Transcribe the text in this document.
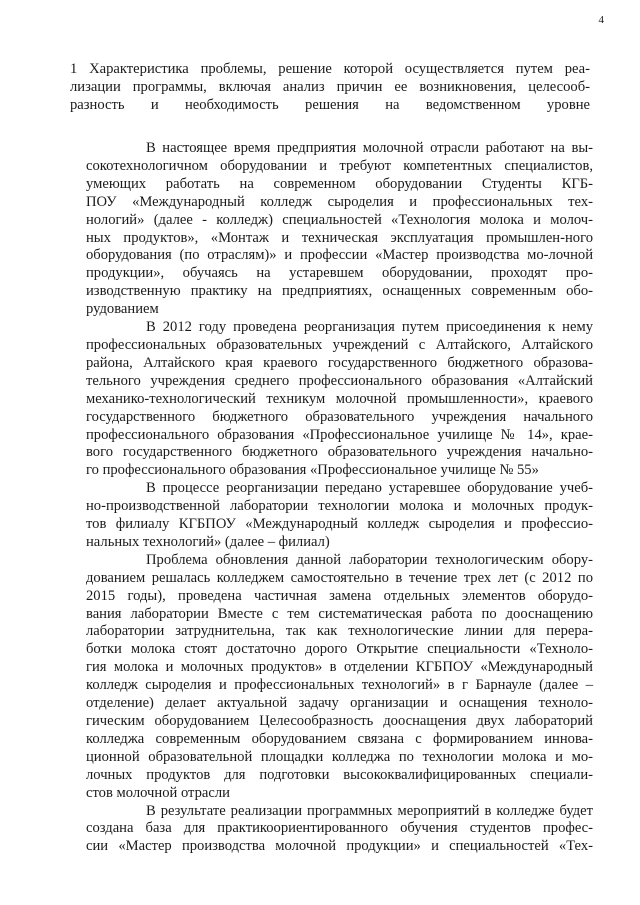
4
1 Характеристика проблемы, решение которой осуществляется путем реа-
лизации программы, включая анализ причин ее возникновения, целесооб-
разность и необходимость решения на ведомственном уровне
В настоящее время предприятия молочной отрасли работают на вы-
сокотехнологичном оборудовании и требуют компетентных специалистов,
умеющих работать на современном оборудовании Студенты КГБ-
ПОУ «Международный колледж сыроделия и профессиональных тех-
нологий» (далее - колледж) специальностей «Технология молока и молоч-
ных продуктов», «Монтаж и техническая эксплуатация промышлен-ного
оборудования (по отраслям)» и профессии «Мастер производства мо-лочной
продукции», обучаясь на устаревшем оборудовании, проходят про-
изводственную практику на предприятиях, оснащенных современным обо-
рудованием
В 2012 году проведена реорганизация путем присоединения к нему
профессиональных образовательных учреждений с Алтайского, Алтайского
района, Алтайского края краевого государственного бюджетного образова-
тельного учреждения среднего профессионального образования «Алтайский
механико-технологический техникум молочной промышленности», краевого
государственного бюджетного образовательного учреждения начального
профессионального образования «Профессиональное училище № 14», крае-
вого государственного бюджетного образовательного учреждения начально-
го профессионального образования «Профессиональное училище № 55»
В процессе реорганизации передано устаревшее оборудование учеб-
но-производственной лаборатории технологии молока и молочных продук-
тов филиалу КГБПОУ «Международный колледж сыроделия и профессио-
нальных технологий» (далее – филиал)
Проблема обновления данной лаборатории технологическим обору-
дованием решалась колледжем самостоятельно в течение трех лет (с 2012 по
2015 годы), проведена частичная замена отдельных элементов оборудо-
вания лаборатории Вместе с тем систематическая работа по дооснащению
лаборатории затруднительна, так как технологические линии для перера-
ботки молока стоят достаточно дорого Открытие специальности «Техноло-
гия молока и молочных продуктов» в отделении КГБПОУ «Международный
колледж сыроделия и профессиональных технологий» в г Барнауле (далее –
отделение) делает актуальной задачу организации и оснащения техноло-
гическим оборудованием Целесообразность дооснащения двух лабораторий
колледжа современным оборудованием связана с формированием иннова-
ционной образовательной площадки колледжа по технологии молока и мо-
лочных продуктов для подготовки высококвалифицированных специали-
стов молочной отрасли
В результате реализации программных мероприятий в колледже будет
создана база для практикоориентированного обучения студентов профес-
сии «Мастер производства молочной продукции» и специальностей «Тех-
